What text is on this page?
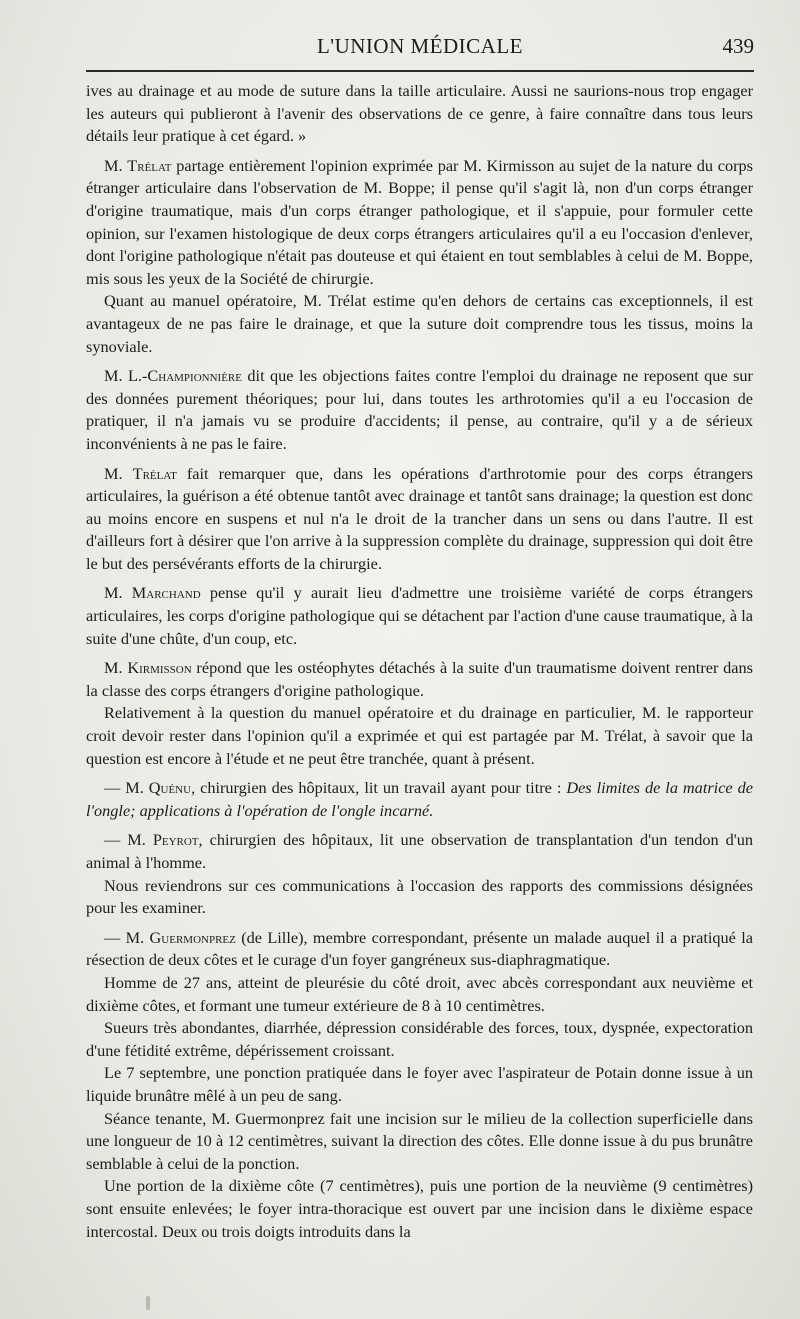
L'UNION MÉDICALE	439

ives au drainage et au mode de suture dans la taille articulaire. Aussi ne saurions-nous trop engager les auteurs qui publieront à l'avenir des observations de ce genre, à faire connaître dans tous leurs détails leur pratique à cet égard. »

M. Trélat partage entièrement l'opinion exprimée par M. Kirmisson au sujet de la nature du corps étranger articulaire dans l'observation de M. Boppe; il pense qu'il s'agit là, non d'un corps étranger d'origine traumatique, mais d'un corps étranger pathologique, et il s'appuie, pour formuler cette opinion, sur l'examen histologique de deux corps étrangers articulaires qu'il a eu l'occasion d'enlever, dont l'origine pathologique n'était pas douteuse et qui étaient en tout semblables à celui de M. Boppe, mis sous les yeux de la Société de chirurgie.

Quant au manuel opératoire, M. Trélat estime qu'en dehors de certains cas exceptionnels, il est avantageux de ne pas faire le drainage, et que la suture doit comprendre tous les tissus, moins la synoviale.

M. L.-Championnière dit que les objections faites contre l'emploi du drainage ne reposent que sur des données purement théoriques; pour lui, dans toutes les arthrotomies qu'il a eu l'occasion de pratiquer, il n'a jamais vu se produire d'accidents; il pense, au contraire, qu'il y a de sérieux inconvénients à ne pas le faire.

M. Trélat fait remarquer que, dans les opérations d'arthrotomie pour des corps étrangers articulaires, la guérison a été obtenue tantôt avec drainage et tantôt sans drainage; la question est donc au moins encore en suspens et nul n'a le droit de la trancher dans un sens ou dans l'autre. Il est d'ailleurs fort à désirer que l'on arrive à la suppression complète du drainage, suppression qui doit être le but des persévérants efforts de la chirurgie.

M. Marchand pense qu'il y aurait lieu d'admettre une troisième variété de corps étrangers articulaires, les corps d'origine pathologique qui se détachent par l'action d'une cause traumatique, à la suite d'une chûte, d'un coup, etc.

M. Kirmisson répond que les ostéophytes détachés à la suite d'un traumatisme doivent rentrer dans la classe des corps étrangers d'origine pathologique.

Relativement à la question du manuel opératoire et du drainage en particulier, M. le rapporteur croit devoir rester dans l'opinion qu'il a exprimée et qui est partagée par M. Trélat, à savoir que la question est encore à l'étude et ne peut être tranchée, quant à présent.

— M. Quénu, chirurgien des hôpitaux, lit un travail ayant pour titre : Des limites de la matrice de l'ongle; applications à l'opération de l'ongle incarné.

— M. Peyrot, chirurgien des hôpitaux, lit une observation de transplantation d'un tendon d'un animal à l'homme.

Nous reviendrons sur ces communications à l'occasion des rapports des commissions désignées pour les examiner.

— M. Guermonprez (de Lille), membre correspondant, présente un malade auquel il a pratiqué la résection de deux côtes et le curage d'un foyer gangréneux sus-diaphragmatique.

Homme de 27 ans, atteint de pleurésie du côté droit, avec abcès correspondant aux neuvième et dixième côtes, et formant une tumeur extérieure de 8 à 10 centimètres.

Sueurs très abondantes, diarrhée, dépression considérable des forces, toux, dyspnée, expectoration d'une fétidité extrême, dépérissement croissant.

Le 7 septembre, une ponction pratiquée dans le foyer avec l'aspirateur de Potain donne issue à un liquide brunâtre mêlé à un peu de sang.

Séance tenante, M. Guermonprez fait une incision sur le milieu de la collection superficielle dans une longueur de 10 à 12 centimètres, suivant la direction des côtes. Elle donne issue à du pus brunâtre semblable à celui de la ponction.

Une portion de la dixième côte (7 centimètres), puis une portion de la neuvième (9 centimètres) sont ensuite enlevées; le foyer intra-thoracique est ouvert par une incision dans le dixième espace intercostal. Deux ou trois doigts introduits dans la
